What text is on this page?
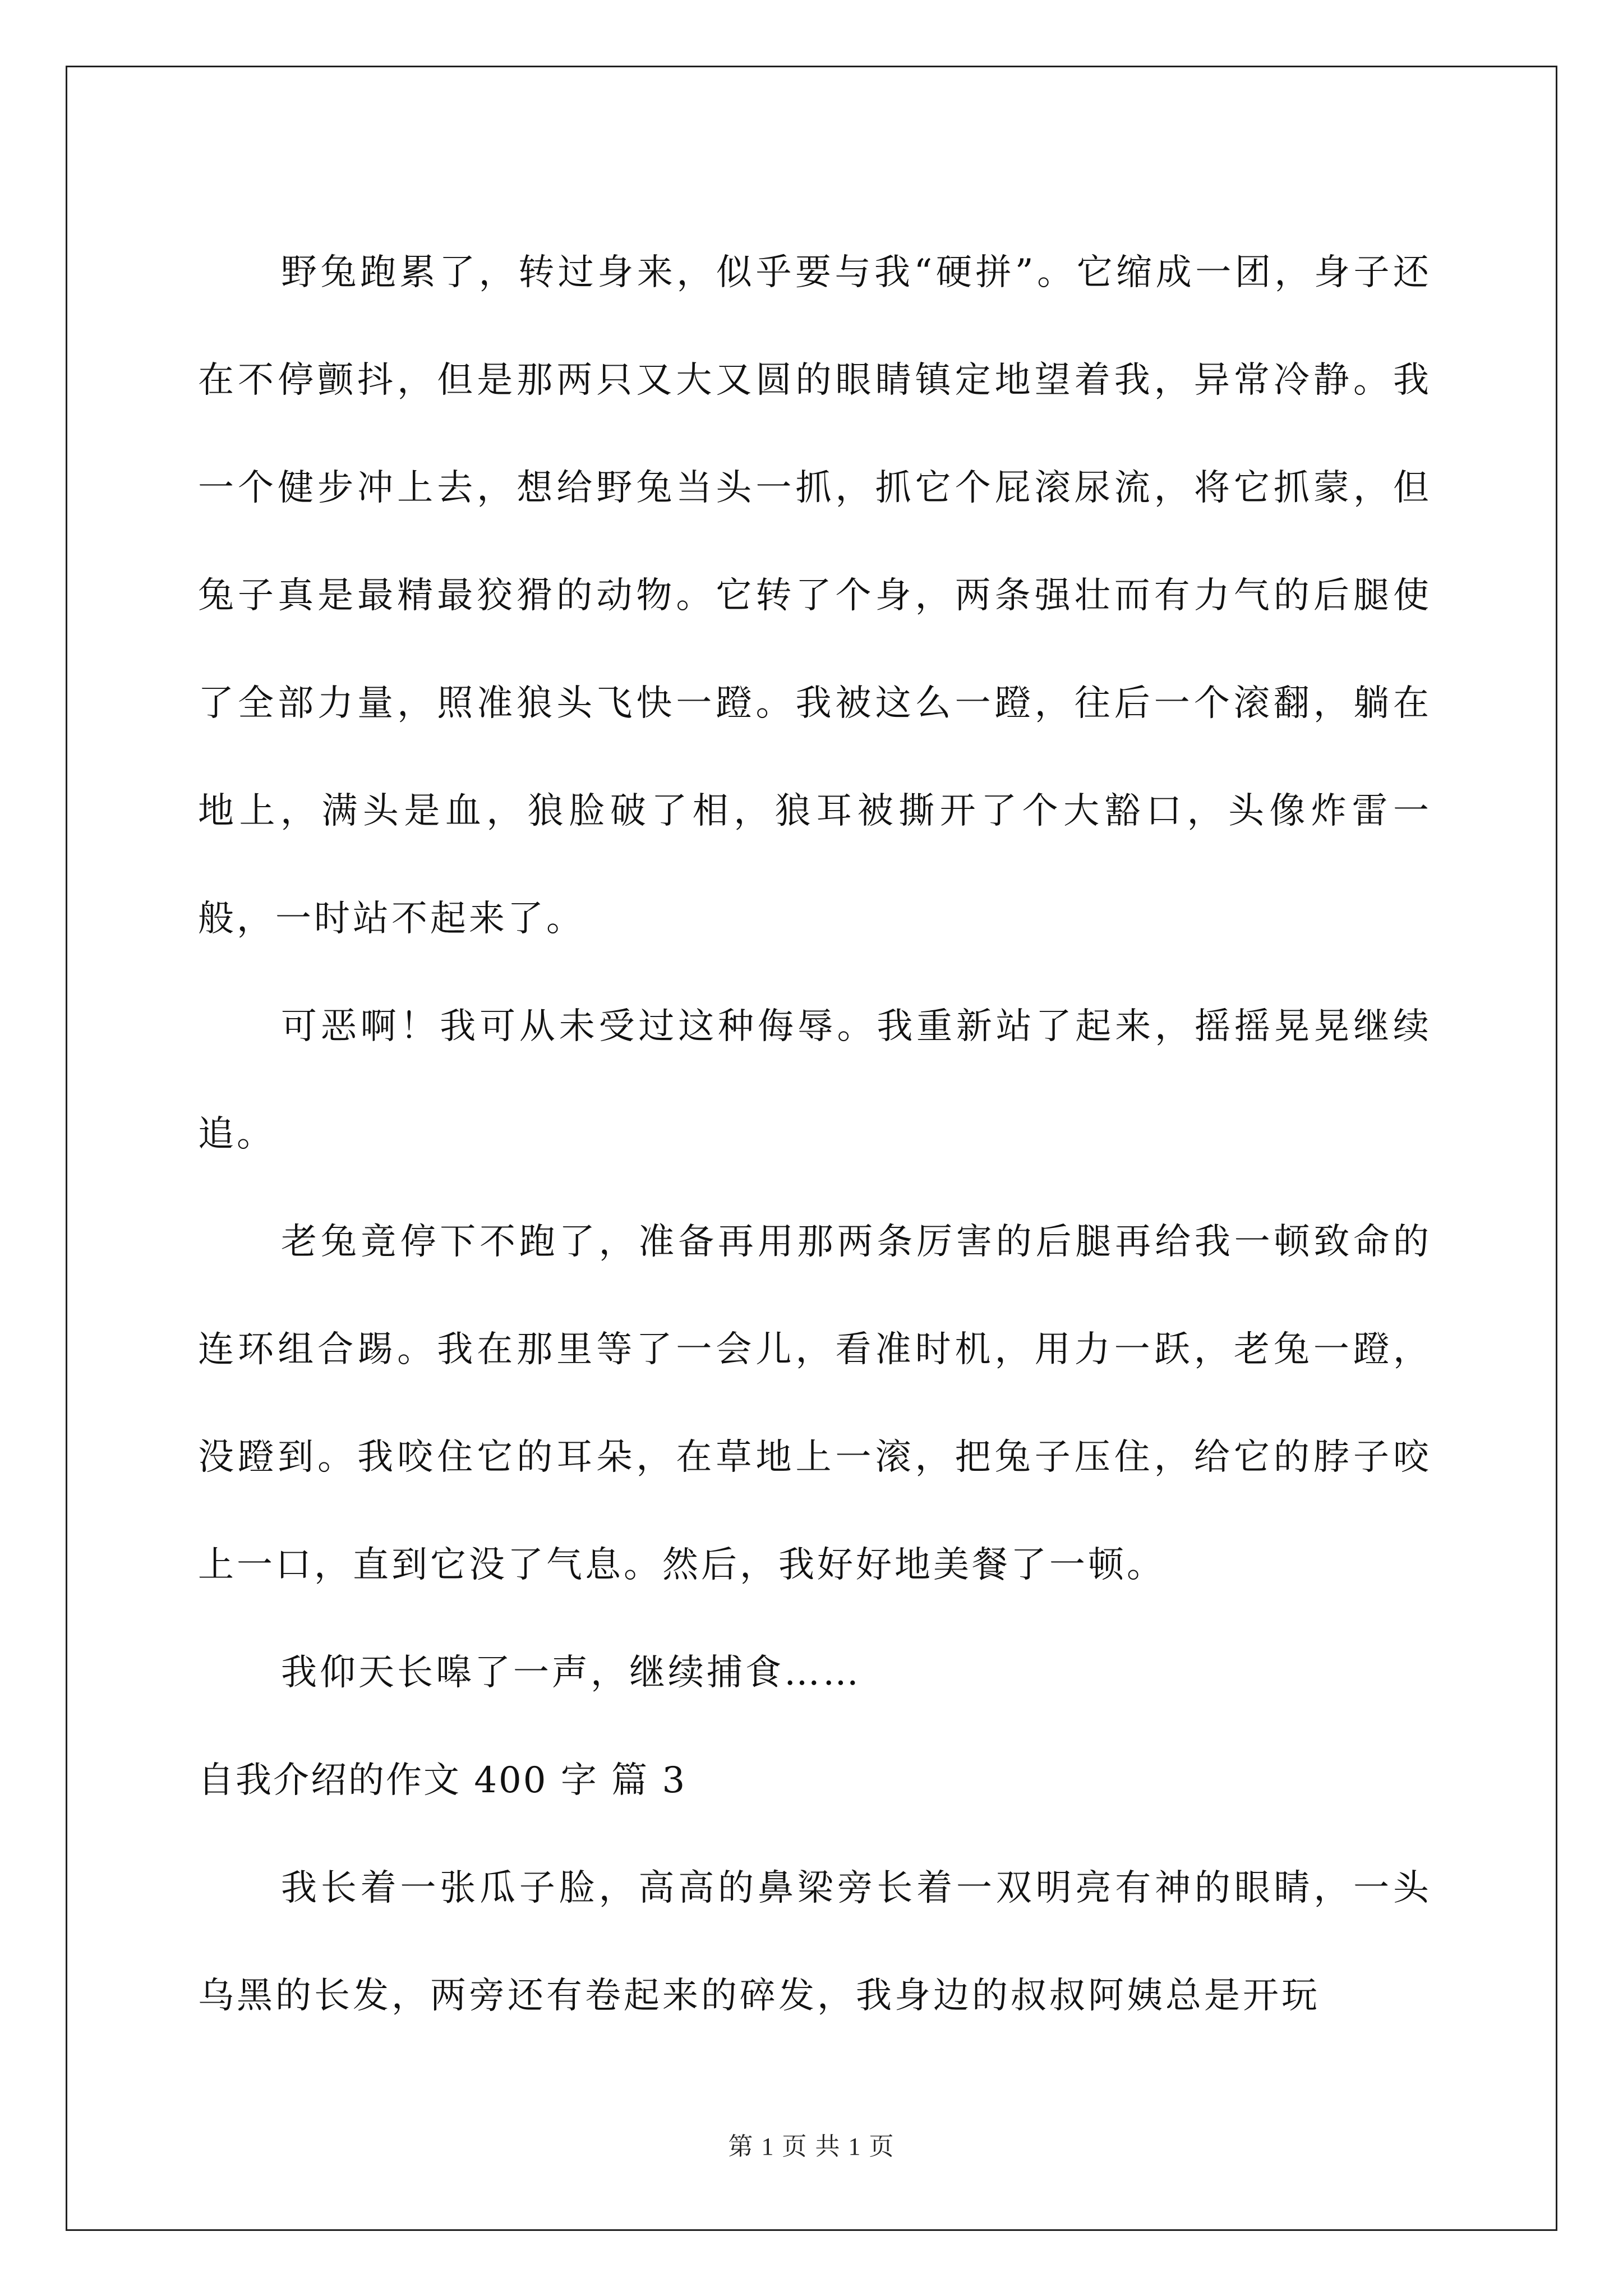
野兔跑累了，转过身来，似乎要与我“硬拼”。它缩成一团，身子还在不停颤抖，但是那两只又大又圆的眼睛镇定地望着我，异常冷静。我一个健步冲上去，想给野兔当头一抓，抓它个屁滚尿流，将它抓蒙，但兔子真是最精最狡猾的动物。它转了个身，两条强壮而有力气的后腿使了全部力量，照准狼头飞快一蹬。我被这么一蹬，往后一个滚翻，躺在地上，满头是血，狼脸破了相，狼耳被撕开了个大豁口，头像炸雷一般，一时站不起来了。

可恶啊！我可从未受过这种侮辱。我重新站了起来，摇摇晃晃继续追。

老兔竟停下不跑了，准备再用那两条厉害的后腿再给我一顿致命的连环组合踢。我在那里等了一会儿，看准时机，用力一跃，老兔一蹬，没蹬到。我咬住它的耳朵，在草地上一滚，把兔子压住，给它的脖子咬上一口，直到它没了气息。然后，我好好地美餐了一顿。

我仰天长嗥了一声，继续捕食……

自我介绍的作文 400 字 篇 3

我长着一张瓜子脸，高高的鼻梁旁长着一双明亮有神的眼睛，一头乌黑的长发，两旁还有卷起来的碎发，我身边的叔叔阿姨总是开玩

第 1 页 共 1 页
